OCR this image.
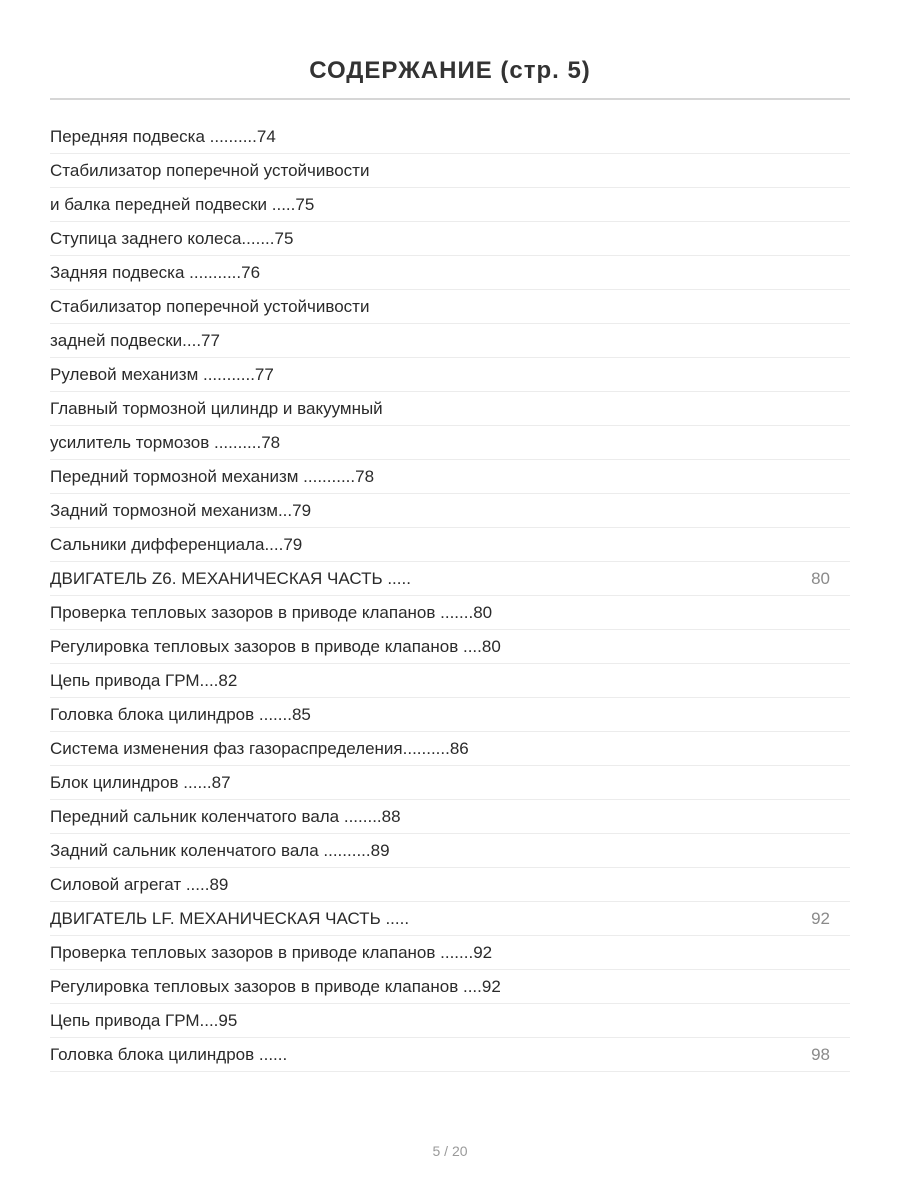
СОДЕРЖАНИЕ (стр. 5)
Передняя подвеска ..........74
Стабилизатор поперечной устойчивости
и балка передней подвески .....75
Ступица заднего колеса.......75
Задняя подвеска ...........76
Стабилизатор поперечной устойчивости
задней подвески....77
Рулевой механизм ...........77
Главный тормозной цилиндр и вакуумный
усилитель тормозов ..........78
Передний тормозной механизм ...........78
Задний тормозной механизм...79
Сальники дифференциала....79
ДВИГАТЕЛЬ Z6. МЕХАНИЧЕСКАЯ ЧАСТЬ .....	80
Проверка тепловых зазоров в приводе клапанов .......80
Регулировка тепловых зазоров в приводе клапанов ....80
Цепь привода ГРМ....82
Головка блока цилиндров .......85
Система изменения фаз газораспределения..........86
Блок цилиндров ......87
Передний сальник коленчатого вала ........88
Задний сальник коленчатого вала ..........89
Силовой агрегат .....89
ДВИГАТЕЛЬ LF. МЕХАНИЧЕСКАЯ ЧАСТЬ .....	92
Проверка тепловых зазоров в приводе клапанов .......92
Регулировка тепловых зазоров в приводе клапанов ....92
Цепь привода ГРМ....95
Головка блока цилиндров ......	98
5 / 20
